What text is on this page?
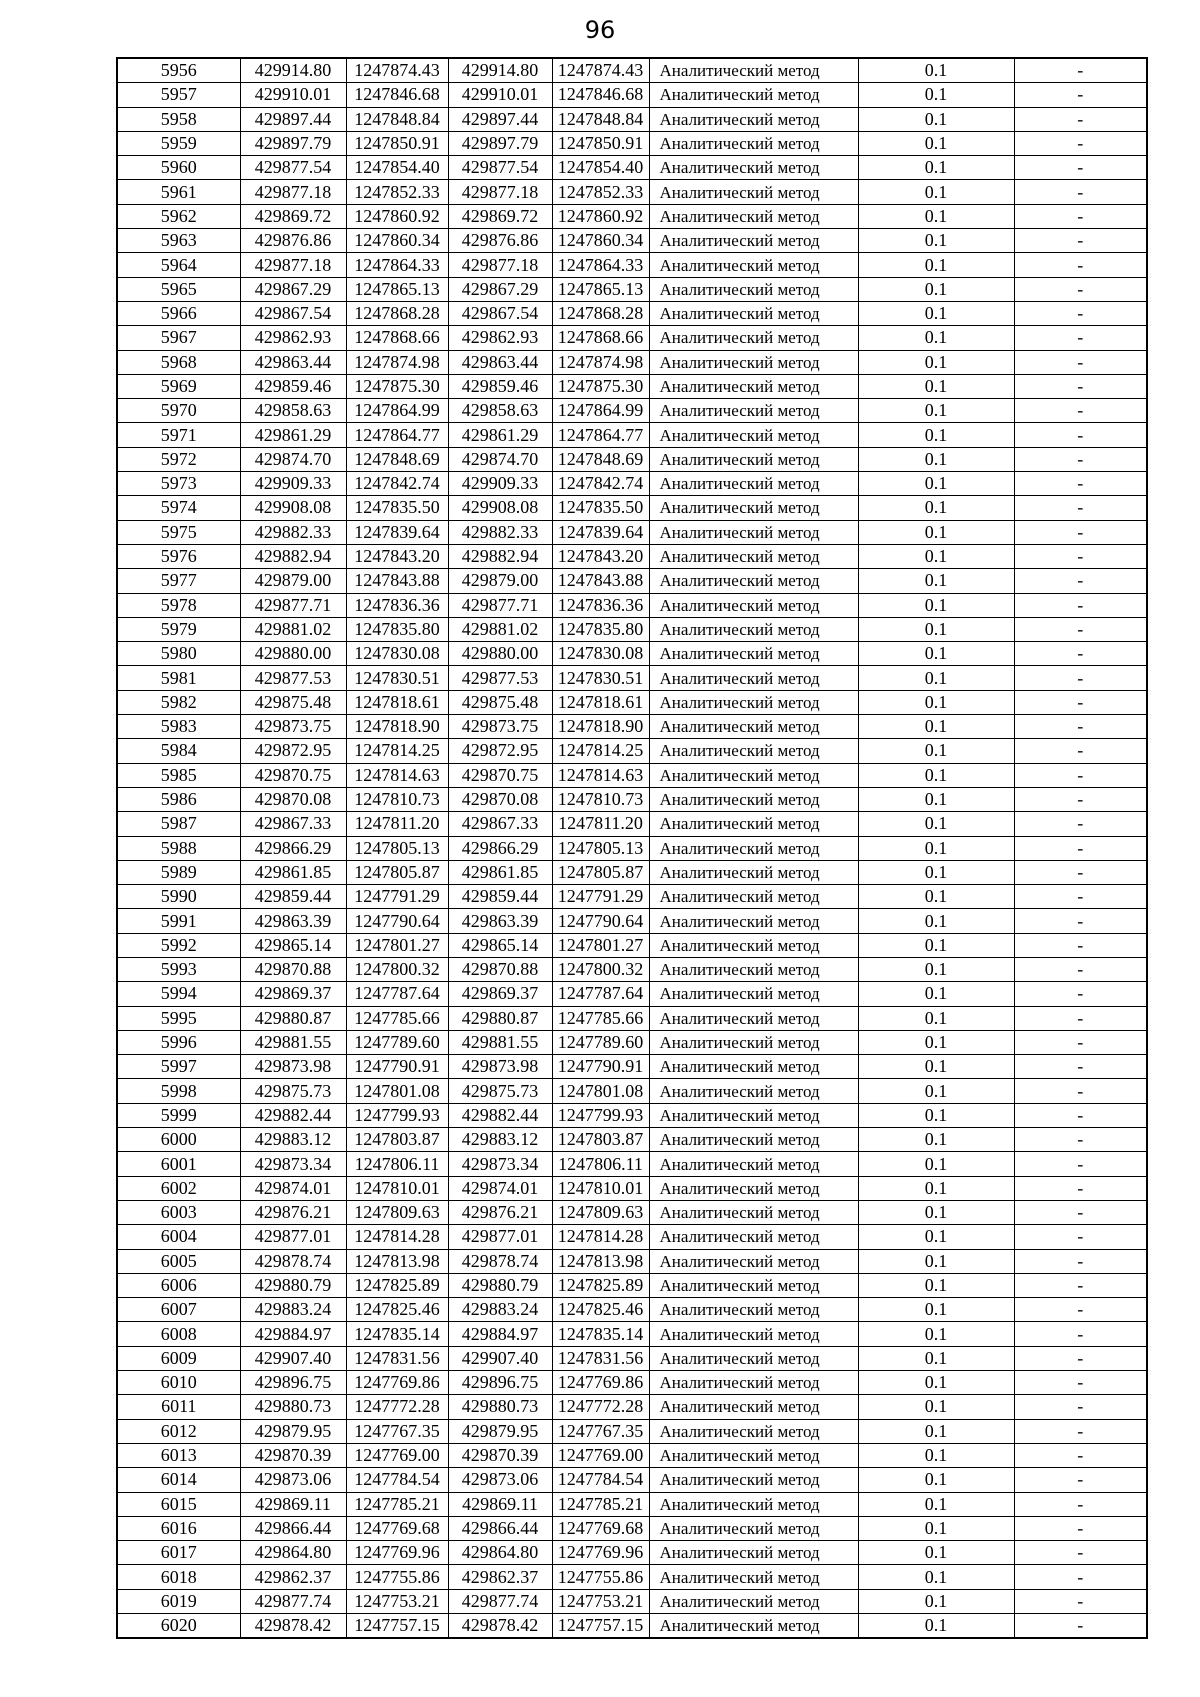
96
5956	429914.80	1247874.43	429914.80	1247874.43	Аналитический метод	0.1	-
5957	429910.01	1247846.68	429910.01	1247846.68	Аналитический метод	0.1	-
5958	429897.44	1247848.84	429897.44	1247848.84	Аналитический метод	0.1	-
5959	429897.79	1247850.91	429897.79	1247850.91	Аналитический метод	0.1	-
5960	429877.54	1247854.40	429877.54	1247854.40	Аналитический метод	0.1	-
5961	429877.18	1247852.33	429877.18	1247852.33	Аналитический метод	0.1	-
5962	429869.72	1247860.92	429869.72	1247860.92	Аналитический метод	0.1	-
5963	429876.86	1247860.34	429876.86	1247860.34	Аналитический метод	0.1	-
5964	429877.18	1247864.33	429877.18	1247864.33	Аналитический метод	0.1	-
5965	429867.29	1247865.13	429867.29	1247865.13	Аналитический метод	0.1	-
5966	429867.54	1247868.28	429867.54	1247868.28	Аналитический метод	0.1	-
5967	429862.93	1247868.66	429862.93	1247868.66	Аналитический метод	0.1	-
5968	429863.44	1247874.98	429863.44	1247874.98	Аналитический метод	0.1	-
5969	429859.46	1247875.30	429859.46	1247875.30	Аналитический метод	0.1	-
5970	429858.63	1247864.99	429858.63	1247864.99	Аналитический метод	0.1	-
5971	429861.29	1247864.77	429861.29	1247864.77	Аналитический метод	0.1	-
5972	429874.70	1247848.69	429874.70	1247848.69	Аналитический метод	0.1	-
5973	429909.33	1247842.74	429909.33	1247842.74	Аналитический метод	0.1	-
5974	429908.08	1247835.50	429908.08	1247835.50	Аналитический метод	0.1	-
5975	429882.33	1247839.64	429882.33	1247839.64	Аналитический метод	0.1	-
5976	429882.94	1247843.20	429882.94	1247843.20	Аналитический метод	0.1	-
5977	429879.00	1247843.88	429879.00	1247843.88	Аналитический метод	0.1	-
5978	429877.71	1247836.36	429877.71	1247836.36	Аналитический метод	0.1	-
5979	429881.02	1247835.80	429881.02	1247835.80	Аналитический метод	0.1	-
5980	429880.00	1247830.08	429880.00	1247830.08	Аналитический метод	0.1	-
5981	429877.53	1247830.51	429877.53	1247830.51	Аналитический метод	0.1	-
5982	429875.48	1247818.61	429875.48	1247818.61	Аналитический метод	0.1	-
5983	429873.75	1247818.90	429873.75	1247818.90	Аналитический метод	0.1	-
5984	429872.95	1247814.25	429872.95	1247814.25	Аналитический метод	0.1	-
5985	429870.75	1247814.63	429870.75	1247814.63	Аналитический метод	0.1	-
5986	429870.08	1247810.73	429870.08	1247810.73	Аналитический метод	0.1	-
5987	429867.33	1247811.20	429867.33	1247811.20	Аналитический метод	0.1	-
5988	429866.29	1247805.13	429866.29	1247805.13	Аналитический метод	0.1	-
5989	429861.85	1247805.87	429861.85	1247805.87	Аналитический метод	0.1	-
5990	429859.44	1247791.29	429859.44	1247791.29	Аналитический метод	0.1	-
5991	429863.39	1247790.64	429863.39	1247790.64	Аналитический метод	0.1	-
5992	429865.14	1247801.27	429865.14	1247801.27	Аналитический метод	0.1	-
5993	429870.88	1247800.32	429870.88	1247800.32	Аналитический метод	0.1	-
5994	429869.37	1247787.64	429869.37	1247787.64	Аналитический метод	0.1	-
5995	429880.87	1247785.66	429880.87	1247785.66	Аналитический метод	0.1	-
5996	429881.55	1247789.60	429881.55	1247789.60	Аналитический метод	0.1	-
5997	429873.98	1247790.91	429873.98	1247790.91	Аналитический метод	0.1	-
5998	429875.73	1247801.08	429875.73	1247801.08	Аналитический метод	0.1	-
5999	429882.44	1247799.93	429882.44	1247799.93	Аналитический метод	0.1	-
6000	429883.12	1247803.87	429883.12	1247803.87	Аналитический метод	0.1	-
6001	429873.34	1247806.11	429873.34	1247806.11	Аналитический метод	0.1	-
6002	429874.01	1247810.01	429874.01	1247810.01	Аналитический метод	0.1	-
6003	429876.21	1247809.63	429876.21	1247809.63	Аналитический метод	0.1	-
6004	429877.01	1247814.28	429877.01	1247814.28	Аналитический метод	0.1	-
6005	429878.74	1247813.98	429878.74	1247813.98	Аналитический метод	0.1	-
6006	429880.79	1247825.89	429880.79	1247825.89	Аналитический метод	0.1	-
6007	429883.24	1247825.46	429883.24	1247825.46	Аналитический метод	0.1	-
6008	429884.97	1247835.14	429884.97	1247835.14	Аналитический метод	0.1	-
6009	429907.40	1247831.56	429907.40	1247831.56	Аналитический метод	0.1	-
6010	429896.75	1247769.86	429896.75	1247769.86	Аналитический метод	0.1	-
6011	429880.73	1247772.28	429880.73	1247772.28	Аналитический метод	0.1	-
6012	429879.95	1247767.35	429879.95	1247767.35	Аналитический метод	0.1	-
6013	429870.39	1247769.00	429870.39	1247769.00	Аналитический метод	0.1	-
6014	429873.06	1247784.54	429873.06	1247784.54	Аналитический метод	0.1	-
6015	429869.11	1247785.21	429869.11	1247785.21	Аналитический метод	0.1	-
6016	429866.44	1247769.68	429866.44	1247769.68	Аналитический метод	0.1	-
6017	429864.80	1247769.96	429864.80	1247769.96	Аналитический метод	0.1	-
6018	429862.37	1247755.86	429862.37	1247755.86	Аналитический метод	0.1	-
6019	429877.74	1247753.21	429877.74	1247753.21	Аналитический метод	0.1	-
6020	429878.42	1247757.15	429878.42	1247757.15	Аналитический метод	0.1	-
